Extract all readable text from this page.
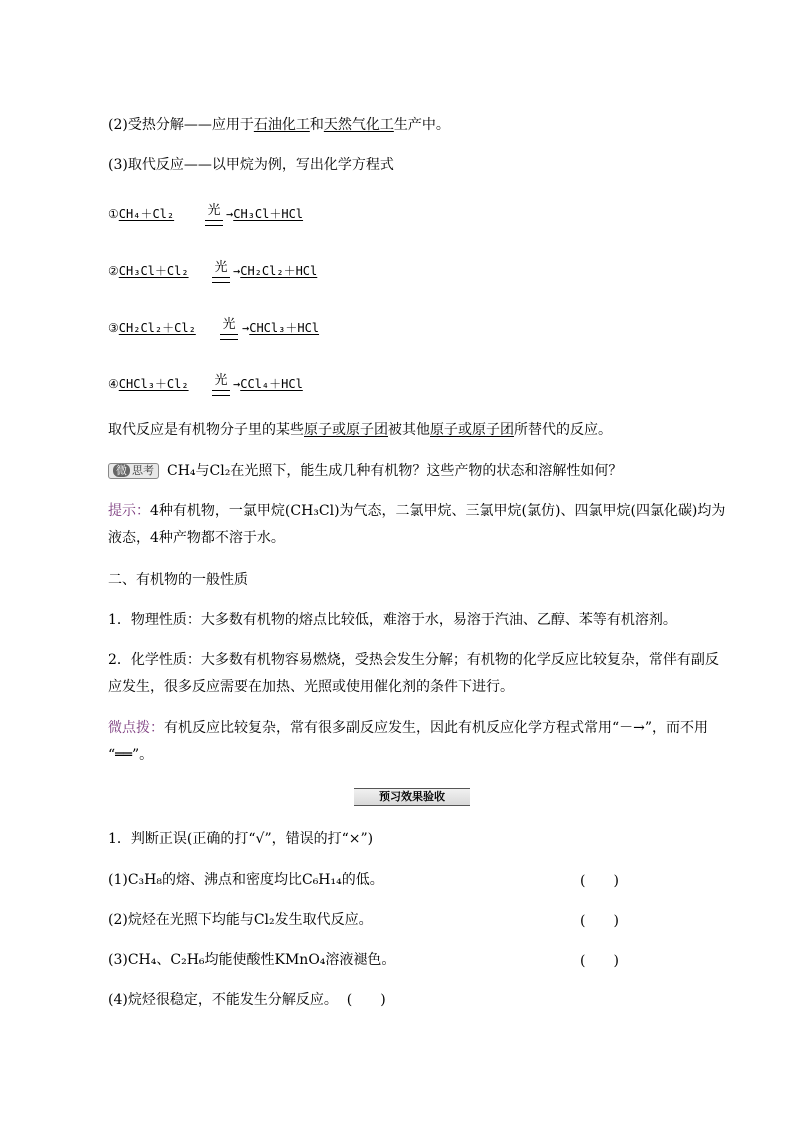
(2)受热分解——应用于石油化工和天然气化工生产中。
(3)取代反应——以甲烷为例，写出化学方程式
①CH₄＋Cl₂	光 →CH₃Cl＋HCl
②CH₃Cl＋Cl₂	光 →CH₂Cl₂＋HCl
③CH₂Cl₂＋Cl₂	光 →CHCl₃＋HCl
④CHCl₃＋Cl₂	光 →CCl₄＋HCl
取代反应是有机物分子里的某些原子或原子团被其他原子或原子团所替代的反应。
微 思考 CH₄与Cl₂在光照下，能生成几种有机物？这些产物的状态和溶解性如何？
提示：4种有机物，一氯甲烷(CH₃Cl)为气态，二氯甲烷、三氯甲烷(氯仿)、四氯甲烷(四氯化碳)均为
液态，4种产物都不溶于水。
二、有机物的一般性质
1．物理性质：大多数有机物的熔点比较低，难溶于水，易溶于汽油、乙醇、苯等有机溶剂。
2．化学性质：大多数有机物容易燃烧，受热会发生分解；有机物的化学反应比较复杂，常伴有副反
应发生，很多反应需要在加热、光照或使用催化剂的条件下进行。
微点拨：有机反应比较复杂，常有很多副反应发生，因此有机反应化学方程式常用“－→”，而不用
“══”。
预习效果验收
1．判断正误(正确的打“√”，错误的打“×”)
(1)C₃H₈的熔、沸点和密度均比C₆H₁₄的低。	(　　)
(2)烷烃在光照下均能与Cl₂发生取代反应。	(　　)
(3)CH₄、C₂H₆均能使酸性KMnO₄溶液褪色。	(　　)
(4)烷烃很稳定，不能发生分解反应。 (　　)
